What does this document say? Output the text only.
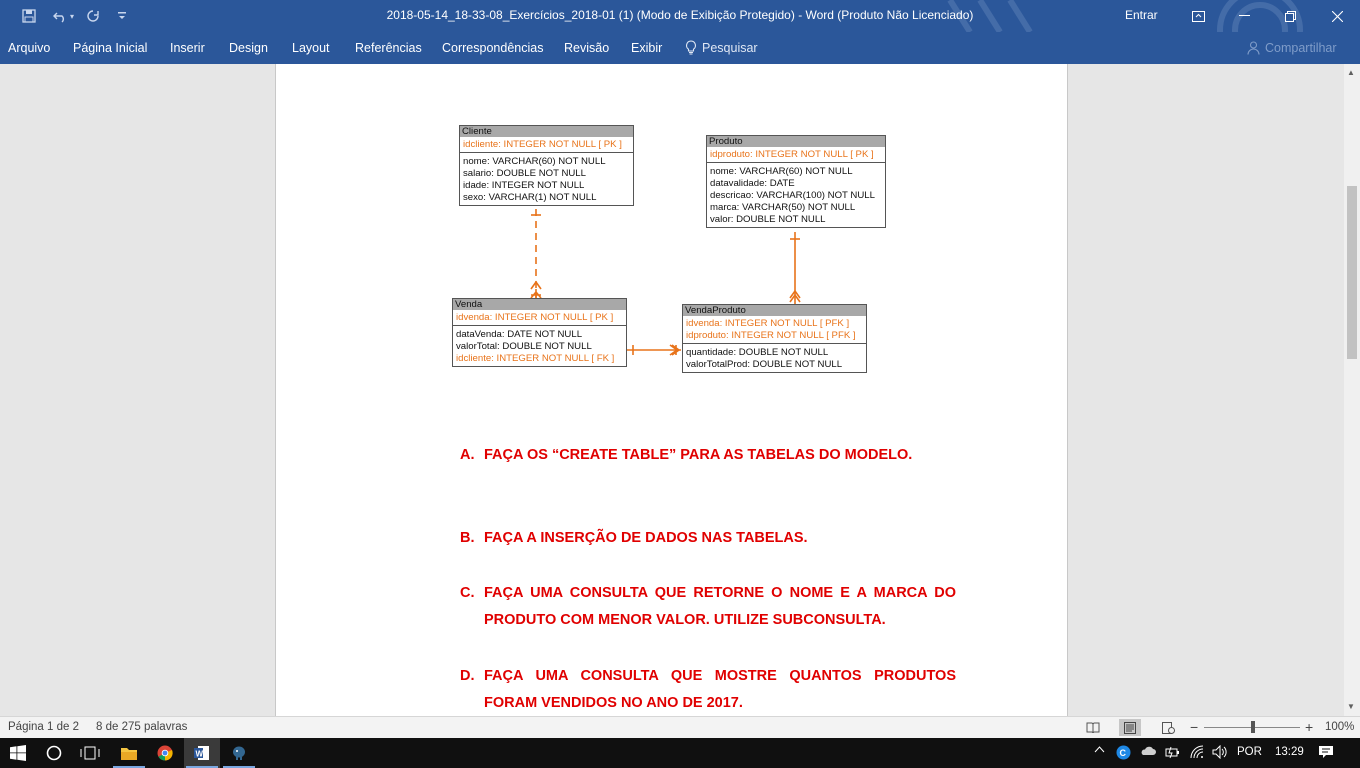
▾	2018-05-14_18-33-08_Exercícios_2018-01 (1) (Modo de Exibição Protegido) - Word (Produto Não Licenciado)	Entrar
Arquivo Página Inicial Inserir Design Layout Referências Correspondências Revisão Exibir	Pesquisar	Compartilhar
Cliente
idcliente: INTEGER NOT NULL [ PK ]
nome: VARCHAR(60) NOT NULL
salario: DOUBLE NOT NULL
idade: INTEGER NOT NULL
sexo: VARCHAR(1) NOT NULL
Produto
idproduto: INTEGER NOT NULL [ PK ]
nome: VARCHAR(60) NOT NULL
datavalidade: DATE
descricao: VARCHAR(100) NOT NULL
marca: VARCHAR(50) NOT NULL
valor: DOUBLE NOT NULL
Venda
idvenda: INTEGER NOT NULL [ PK ]
dataVenda: DATE NOT NULL
valorTotal: DOUBLE NOT NULL
idcliente: INTEGER NOT NULL [ FK ]
VendaProduto
idvenda: INTEGER NOT NULL [ PFK ]
idproduto: INTEGER NOT NULL [ PFK ]
quantidade: DOUBLE NOT NULL
valorTotalProd: DOUBLE NOT NULL
A. FAÇA OS “CREATE TABLE” PARA AS TABELAS DO MODELO.
B. FAÇA A INSERÇÃO DE DADOS NAS TABELAS.
C. FAÇA UMA CONSULTA QUE RETORNE O NOME E A MARCA DO PRODUTO COM MENOR VALOR. UTILIZE SUBCONSULTA.
D. FAÇA UMA CONSULTA QUE MOSTRE QUANTOS PRODUTOS FORAM VENDIDOS NO ANO DE 2017.
▲
▼
Página 1 de 2 8 de 275 palavras	−	+ 100%
W	C	POR 13:29
